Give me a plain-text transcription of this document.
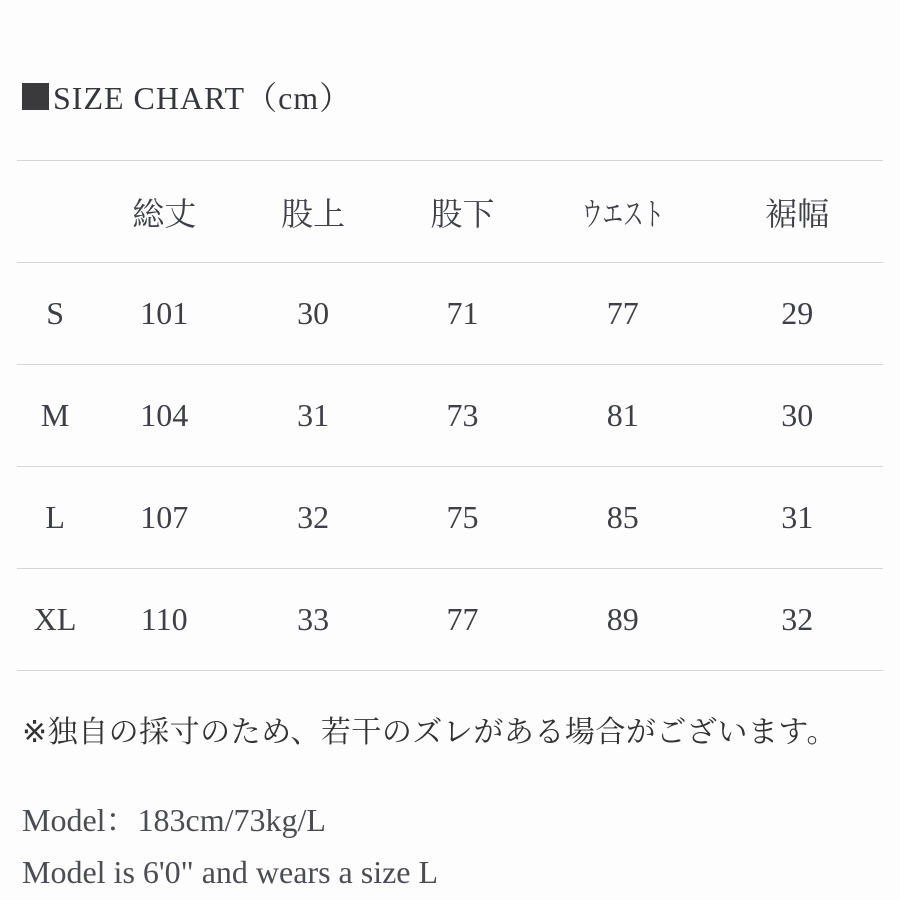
SIZE CHART（cm）
	総丈	股上	股下	ウエスト	裾幅
S	101	30	71	77	29
M	104	31	73	81	30
L	107	32	75	85	31
XL	110	33	77	89	32

※独自の採寸のため、若干のズレがある場合がございます。

Model：183cm/73kg/L

Model is 6'0" and wears a size L
